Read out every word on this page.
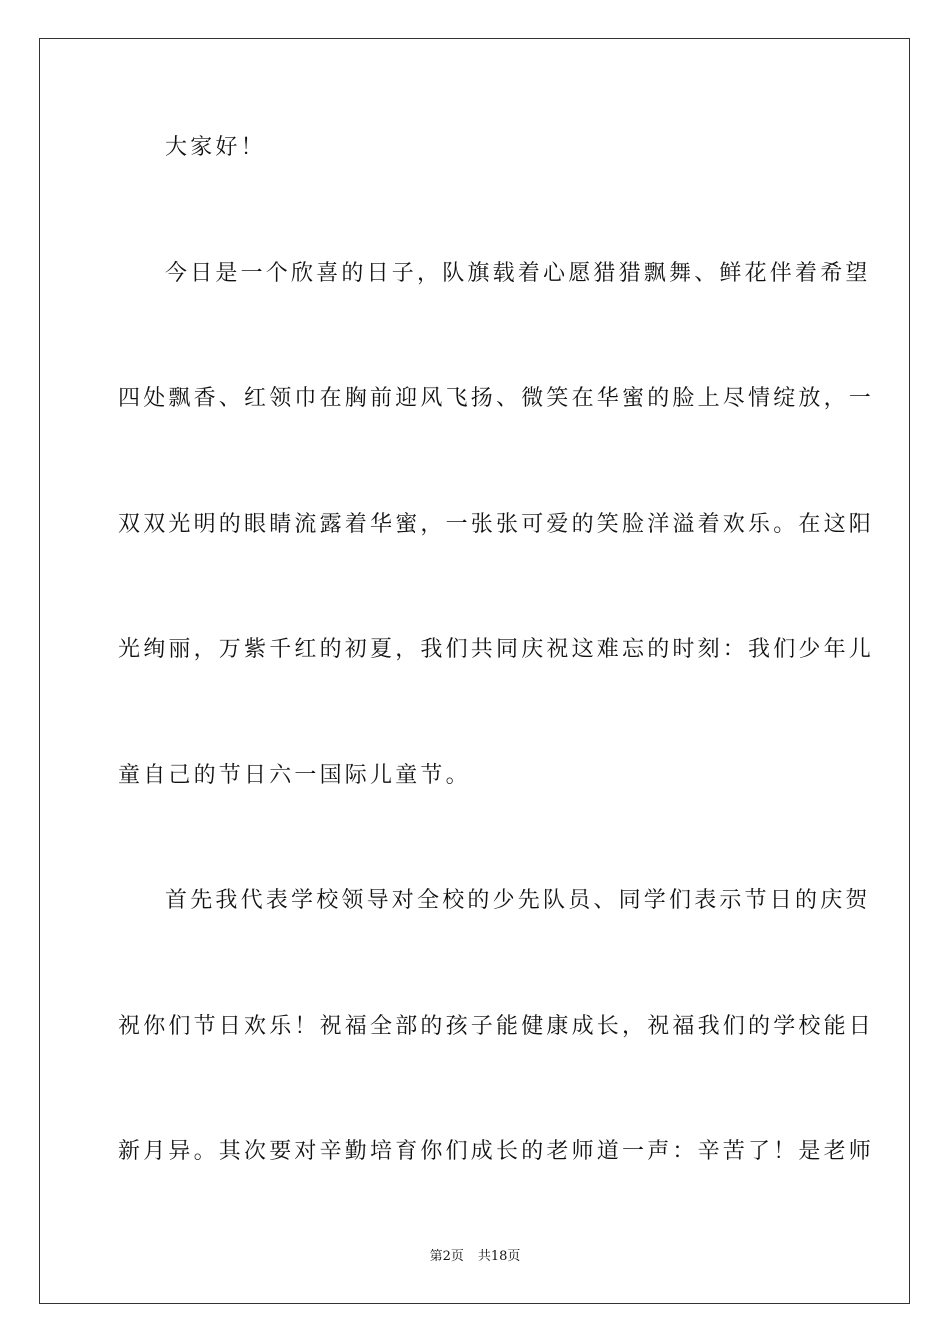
大家好！
今日是一个欣喜的日子，队旗载着心愿猎猎飘舞、鲜花伴着希望
四处飘香、红领巾在胸前迎风飞扬、微笑在华蜜的脸上尽情绽放，一
双双光明的眼睛流露着华蜜，一张张可爱的笑脸洋溢着欢乐。在这阳
光绚丽，万紫千红的初夏，我们共同庆祝这难忘的时刻：我们少年儿
童自己的节日六一国际儿童节。
首先我代表学校领导对全校的少先队员、同学们表示节日的庆贺
祝你们节日欢乐！祝福全部的孩子能健康成长，祝福我们的学校能日
新月异。其次要对辛勤培育你们成长的老师道一声：辛苦了！是老师
第2页 共18页
